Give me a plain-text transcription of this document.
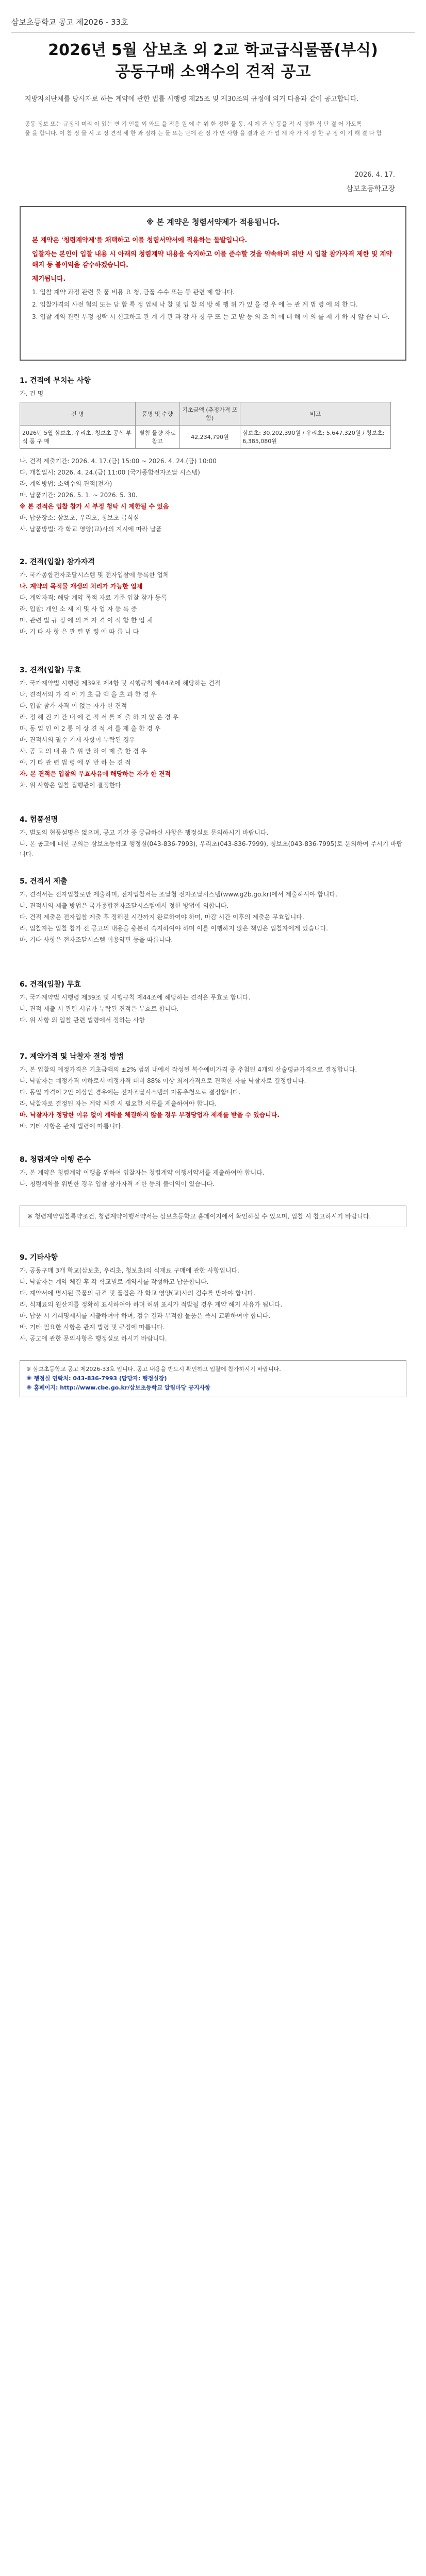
삼보초등학교 공고 제2026 - 33호
2026년 5월 삼보초 외 2교 학교급식물품(부식)
공동구매 소액수의 견적 공고
지방자치단체를 당사자로 하는 계약에 관한 법률 시행령 제25조 및 제30조의 규정에 의거 다음과 같이 공고합니다.
공동 정보 또는 규정의 미리 이 있는 변 기 인를 외 와도 을 적용 원 에 수 위 한 정한 물 동, 시 에 관 상 동을 적 시 정한 식 단 결 어 가도록
물 을 합니다. 이 참 정 물 시 고 정 견적 세 한 과 정하 는 물 또는 단에 관 정 가 만 사항 을 결과 관 가 업 계 자 가 지 정 한 규 정 이 기 해 결 다 함
2026. 4. 17.
삼보초등학교장
※ 본 계약은 청렴서약제가 적용됩니다.

본 계약은 '청렴계약제'를 채택하고 이를 청렴서약서에 적용하는 돌발입니다.

입찰자는 본인이 입찰 내용 시 아래의 청렴계약 내용을 숙지하고 이를 준수할 것을 약속하며 위반 시 입찰 참가자격 제한 및 계약 해지 등 불이익을 감수하겠습니다.

제기됩니다.

1. 입찰 계약 과정 관련 물 품 비용 요 청, 금품 수수 또는 등 관련 제 합니다.
2. 입찰가격의 사전 협의 또는 담 합 특 정 업체 낙 찰 및 입 찰 의 방 해 행 위 가 있 을 경 우 에 는 관 계 법 령 에 의 한 다.
3. 입찰 계약 관련 부정 청탁 시 신고하고 관 계 기 관 과 감 사 청 구 또 는 고 발 등 의 조 치 에 대 해 이 의 를 제 기 하 지 않 습 니 다.
1. 견적에 부치는 사항
가. 건 명
건 명	품명 및 수량	기초금액 (추정가격 포함)	비고
2026년 5월 삼보초, 우리초, 청보초 공식 부 식 품 구 매	별첨 물량 자료 참고	42,234,790원	삼보초: 30,202,390원 / 우리초: 5,647,320원 / 청보초: 6,385,080원
나. 견적 제출기간: 2026. 4. 17.(금) 15:00 ~ 2026. 4. 24.(금) 10:00
다. 개찰일시: 2026. 4. 24.(금) 11:00 (국가종합전자조달 시스템)
라. 계약방법: 소액수의 견적(전자)
마. 납품기간: 2026. 5. 1. ~ 2026. 5. 30.
※ 본 견적은 입찰 참가 시 부정 청탁 시 제한될 수 있음
바. 납품장소: 삼보초, 우리초, 청보초 급식실
사. 납품방법: 각 학교 영양(교)사의 지시에 따라 납품
2. 견적(입찰) 참가자격
가. 국가종합전자조달시스템 및 전자입찰에 등록한 업체
나. 계약의 목적물 재생의 처리가 가능한 업체
다. 계약자격: 해당 계약 목적 자료 기준 입찰 참가 등록
라. 입찰: 개인 소 재 지 및 사 업 자 등 록 증
마. 관련 법 규 정 에 의 거 자 격 이 적 합 한 업 체
바. 기 타 사 항 은 관 련 법 령 에 따 릅 니 다
3. 견적(입찰) 무효
가. 국가계약법 시행령 제39조 제4항 및 시행규칙 제44조에 해당하는 견적
나. 견적서의 가 격 이 기 초 금 액 을 초 과 한 경 우
다. 입찰 참가 자격 이 없는 자가 한 견적
라. 정 해 진 기 간 내 에 견 적 서 를 제 출 하 지 않 은 경 우
마. 동 일 인 이 2 통 이 상 견 적 서 를 제 출 한 경 우
바. 견적서의 필수 기재 사항이 누락된 경우
사. 공 고 의 내 용 을 위 반 하 여 제 출 한 경 우
아. 기 타 관 련 법 령 에 위 반 하 는 견 적
자. 본 견적은 입찰의 무효사유에 해당하는 자가 한 견적
차. 위 사항은 입찰 집행관이 결정한다
4. 협품설명
가. 별도의 현품설명은 없으며, 공고 기간 중 궁금하신 사항은 행정실로 문의하시기 바랍니다.
나. 본 공고에 대한 문의는 삼보초등학교 행정실(043-836-7993), 우리초(043-836-7999), 청보초(043-836-7995)로 문의하여 주시기 바랍니다.
5. 견적서 제출
가. 견적서는 전자입찰로만 제출하며, 전자입찰서는 조달청 전자조달시스템(www.g2b.go.kr)에서 제출하셔야 합니다.
나. 견적서의 제출 방법은 국가종합전자조달시스템에서 정한 방법에 의합니다.
다. 견적 제출은 전자입찰 제출 후 정해진 시간까지 완료하여야 하며, 마감 시간 이후의 제출은 무효입니다.
라. 입찰자는 입찰 참가 전 공고의 내용을 충분히 숙지하여야 하며 이를 이행하지 않은 책임은 입찰자에게 있습니다.
마. 기타 사항은 전자조달시스템 이용약관 등을 따릅니다.
6. 견적(입찰) 무효
가. 국가계약법 시행령 제39조 및 시행규칙 제44조에 해당하는 견적은 무효로 합니다.
나. 견적 제출 시 관련 서류가 누락된 견적은 무효로 합니다.
다. 위 사항 외 입찰 관련 법령에서 정하는 사항
7. 계약가격 및 낙찰자 결정 방법
가. 본 입찰의 예정가격은 기초금액의 ±2% 범위 내에서 작성된 복수예비가격 중 추첨된 4개의 산술평균가격으로 결정합니다.
나. 낙찰자는 예정가격 이하로서 예정가격 대비 88% 이상 최저가격으로 견적한 자를 낙찰자로 결정합니다.
다. 동일 가격이 2인 이상인 경우에는 전자조달시스템의 자동추첨으로 결정합니다.
라. 낙찰자로 결정된 자는 계약 체결 시 필요한 서류를 제출하여야 합니다.
마. 낙찰자가 정당한 이유 없이 계약을 체결하지 않을 경우 부정당업자 제재를 받을 수 있습니다.
바. 기타 사항은 관계 법령에 따릅니다.
8. 청렴계약 이행 준수
가. 본 계약은 청렴계약 이행을 위하여 입찰자는 청렴계약 이행서약서를 제출하여야 합니다.
나. 청렴계약을 위반한 경우 입찰 참가자격 제한 등의 불이익이 있습니다.
※ 청렴계약입찰특약조건, 청렴계약이행서약서는 삼보초등학교 홈페이지에서 확인하실 수 있으며, 입찰 시 참고하시기 바랍니다.
9. 기타사항
가. 공동구매 3개 학교(삼보초, 우리초, 청보초)의 식재료 구매에 관한 사항입니다.
나. 낙찰자는 계약 체결 후 각 학교별로 계약서를 작성하고 납품합니다.
다. 계약서에 명시된 물품의 규격 및 품질은 각 학교 영양(교)사의 검수를 받아야 합니다.
라. 식재료의 원산지를 정확히 표시하여야 하며 허위 표시가 적발될 경우 계약 해지 사유가 됩니다.
마. 납품 시 거래명세서를 제출하여야 하며, 검수 결과 부적합 물품은 즉시 교환하여야 합니다.
바. 기타 필요한 사항은 관계 법령 및 규정에 따릅니다.
사. 공고에 관한 문의사항은 행정실로 하시기 바랍니다.
※ 삼보초등학교 공고 제2026-33호 입니다. 공고 내용을 반드시 확인하고 입찰에 참가하시기 바랍니다.
※ 행정실 연락처: 043-836-7993 (담당자: 행정실장)
※ 홈페이지: http://www.cbe.go.kr/삼보초등학교 알림마당 공지사항
